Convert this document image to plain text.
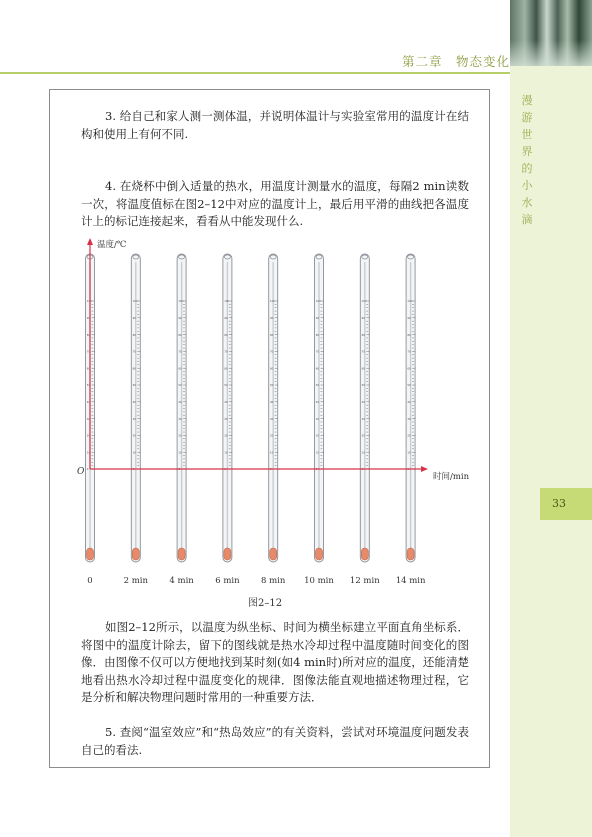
第二章　物态变化
漫游世界的小水滴
33
3. 给自己和家人测一测体温，并说明体温计与实验室常用的温度计在结构和使用上有何不同.
4. 在烧杯中倒入适量的热水，用温度计测量水的温度，每隔2 min读数一次，将温度值标在图2–12中对应的温度计上，最后用平滑的曲线把各温度计上的标记连接起来，看看从中能发现什么.
100
90
80
70
60
50
40
30
20
10
0
0
100
90
80
70
60
50
40
30
20
10
0
2 min
100
90
80
70
60
50
40
30
20
10
0
4 min
100
90
80
70
60
50
40
30
20
10
0
6 min
100
90
80
70
60
50
40
30
20
10
0
8 min
100
90
80
70
60
50
40
30
20
10
0
10 min
100
90
80
70
60
50
40
30
20
10
0
12 min
100
90
80
70
60
50
40
30
20
10
0
14 min
温度/℃
时间/min
O
图2–12
如图2–12所示，以温度为纵坐标、时间为横坐标建立平面直角坐标系．将图中的温度计除去，留下的图线就是热水冷却过程中温度随时间变化的图像．由图像不仅可以方便地找到某时刻(如4 min时)所对应的温度，还能清楚地看出热水冷却过程中温度变化的规律．图像法能直观地描述物理过程，它是分析和解决物理问题时常用的一种重要方法．
5. 查阅“温室效应”和“热岛效应”的有关资料，尝试对环境温度问题发表自己的看法.
